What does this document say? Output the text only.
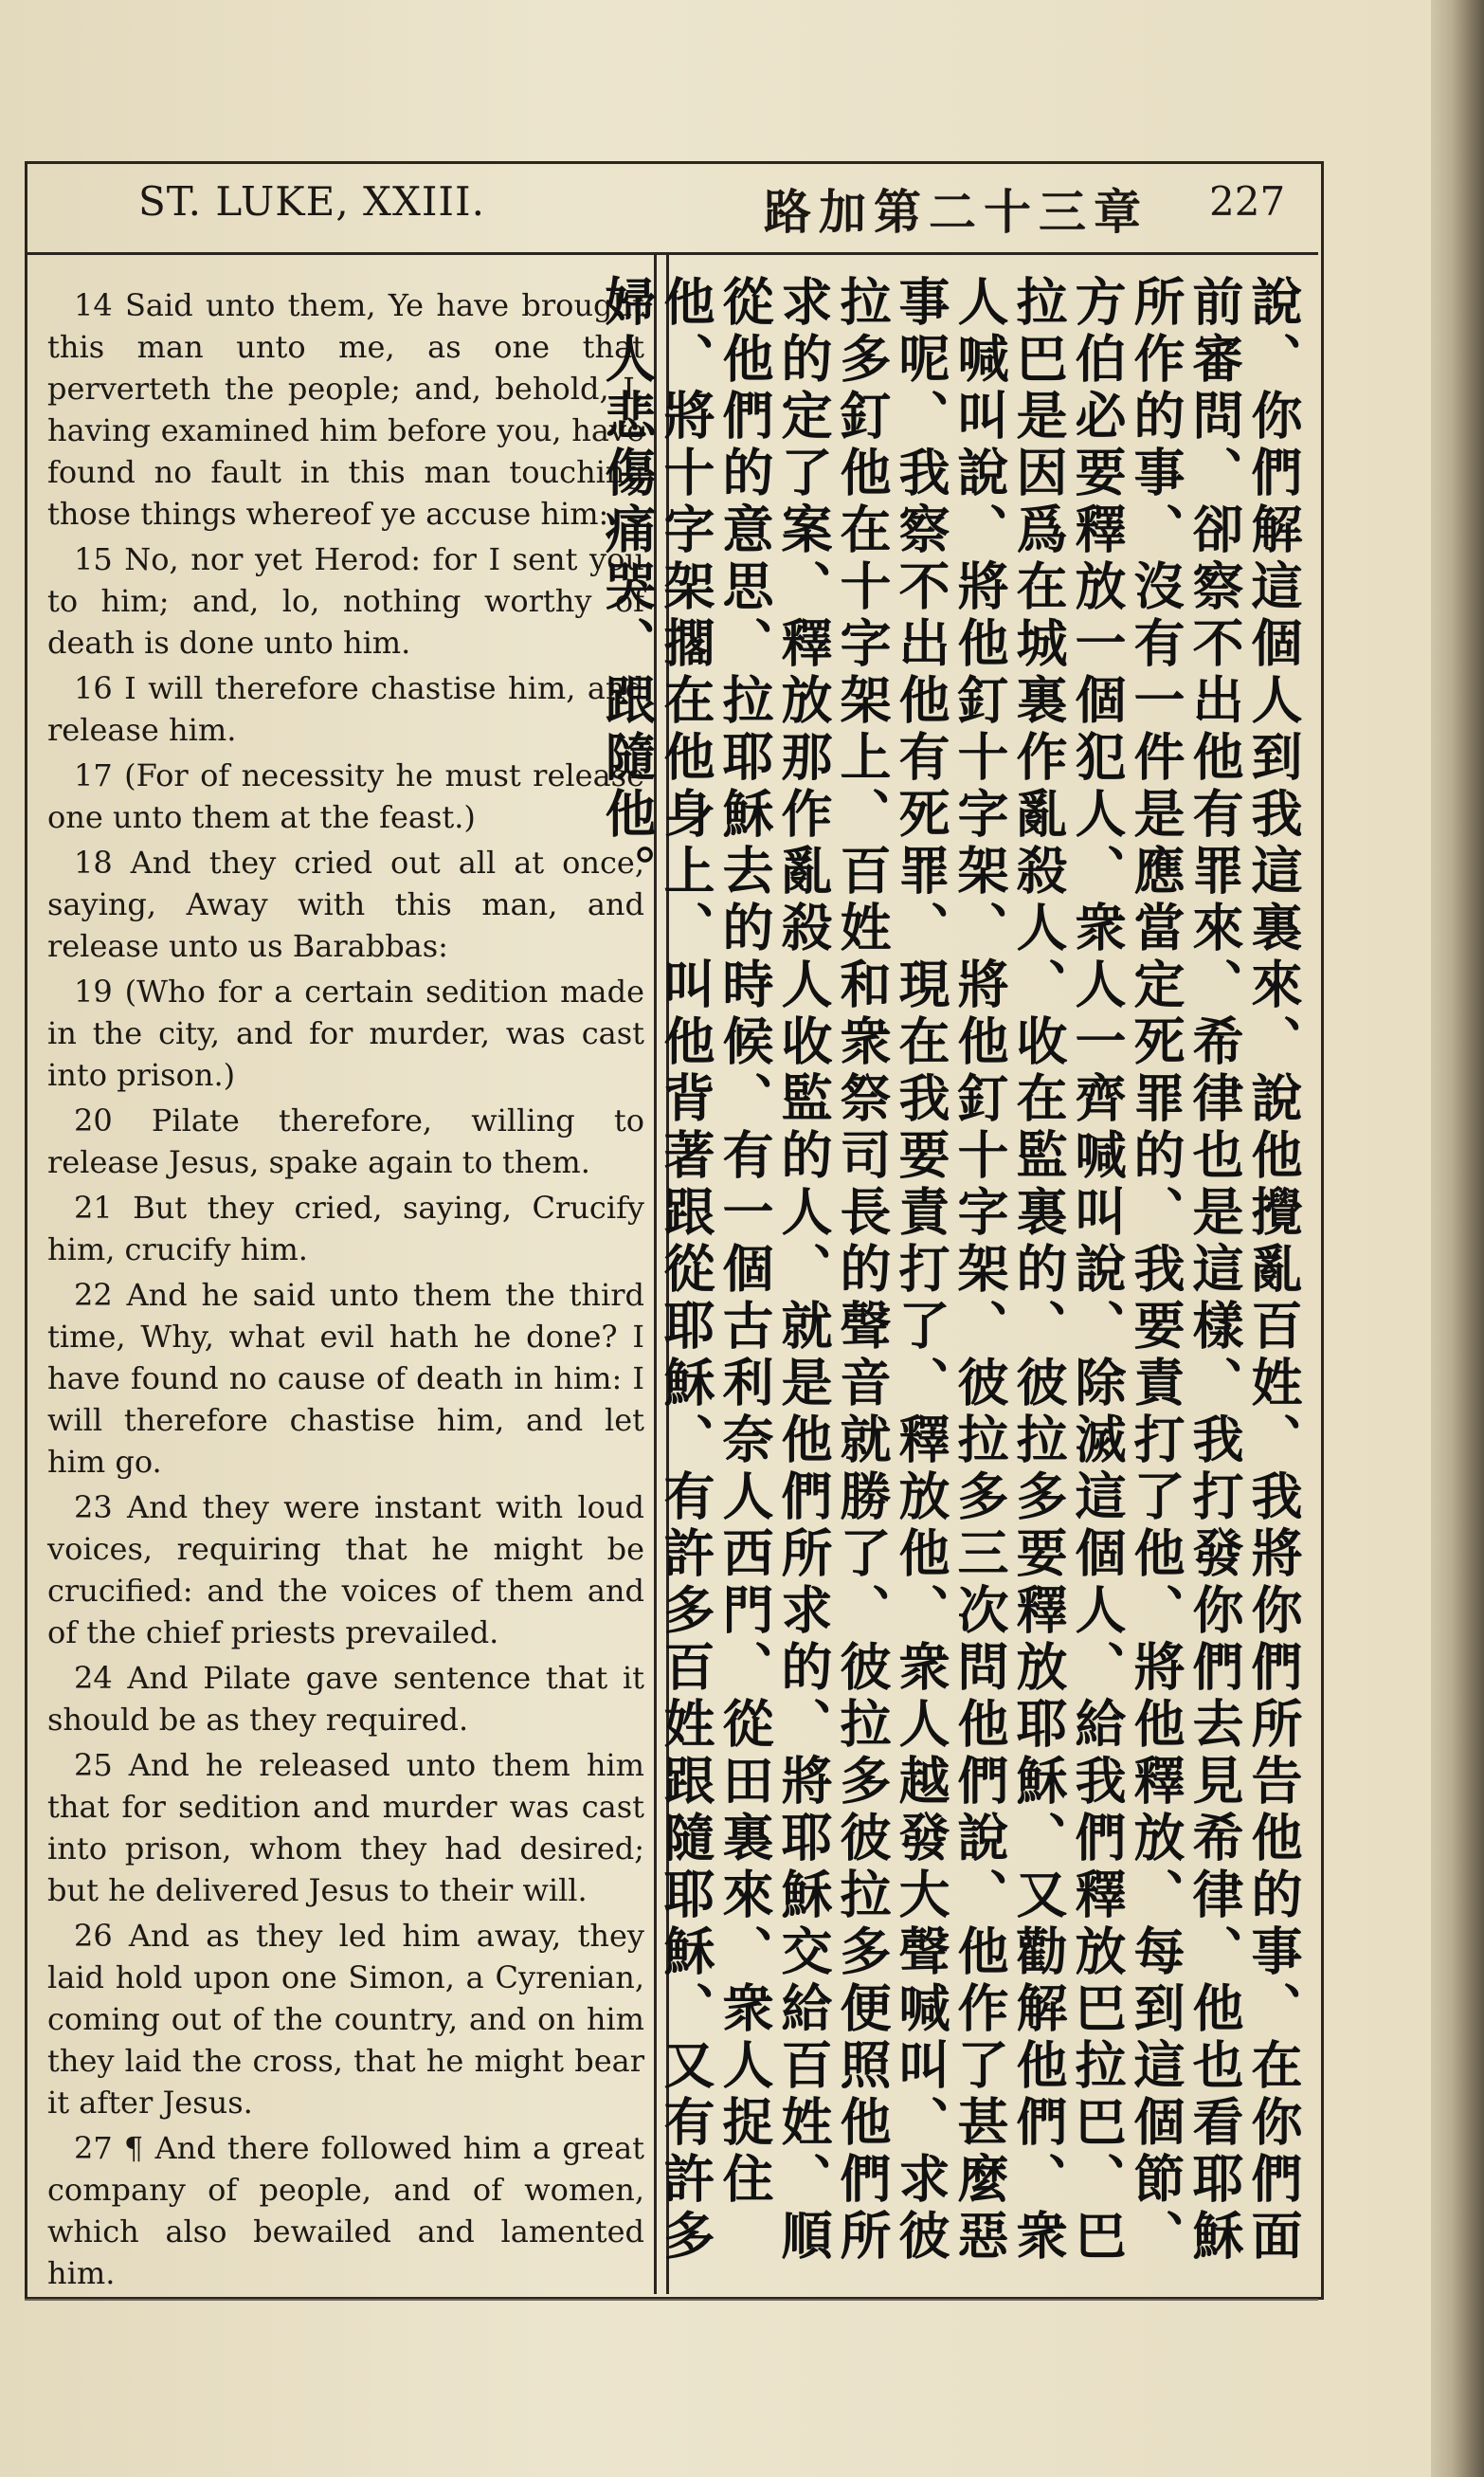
ST. LUKE, XXIII.	路加第二十三章 227

14 Said unto them, Ye have brought this man unto me, as one that perverteth the people; and, behold, I, having examined him before you, have found no fault in this man touching those things whereof ye accuse him:

15 No, nor yet Herod: for I sent you to him; and, lo, nothing worthy of death is done unto him.

16 I will therefore chastise him, and release him.

17 (For of necessity he must release one unto them at the feast.)

18 And they cried out all at once, saying, Away with this man, and release unto us Barabbas:

19 (Who for a certain sedition made in the city, and for murder, was cast into prison.)

20 Pilate therefore, willing to release Jesus, spake again to them.

21 But they cried, saying, Crucify him, crucify him.

22 And he said unto them the third time, Why, what evil hath he done? I have found no cause of death in him: I will therefore chastise him, and let him go.

23 And they were instant with loud voices, requiring that he might be crucified: and the voices of them and of the chief priests prevailed.

24 And Pilate gave sentence that it should be as they required.

25 And he released unto them him that for sedition and murder was cast into prison, whom they had desired; but he delivered Jesus to their will.

26 And as they led him away, they laid hold upon one Simon, a Cyrenian, coming out of the country, and on him they laid the cross, that he might bear it after Jesus.

27 ¶ And there followed him a great company of people, and of women, which also bewailed and lamented him.

說、你們解這個人到我這裏來、說他攪亂百姓、我將你們所告他的事、在你們面前審問、卻察不出他有罪來、希律也是這樣、我打發你們去見希律、他也看耶穌所作的事、沒有一件是應當定死罪的、我要責打了他、將他釋放、每到這個節、方伯必要釋放一個犯人、衆人一齊喊叫說、除滅這個人、給我們釋放巴拉巴、巴拉巴是因爲在城裏作亂殺人、收在監裏的、彼拉多要釋放耶穌、又勸解他們、衆人喊叫說、將他釘十字架、將他釘十字架、彼拉多三次問他們說、他作了甚麼惡事呢、我察不出他有死罪、現在我要責打了、釋放他、衆人越發大聲喊叫、求彼拉多釘他在十字架上、百姓和衆祭司長的聲音就勝了、彼拉多彼拉多便照他們所求的定了案、釋放那作亂殺人收監的人、就是他們所求的、將耶穌交給百姓、順從他們的意思、拉耶穌去的時候、有一個古利奈人西門、從田裏來、衆人捉住他、將十字架擱在他身上、叫他背著跟從耶穌、有許多百姓跟隨耶穌、又有許多婦人悲傷痛哭、跟隨他。
